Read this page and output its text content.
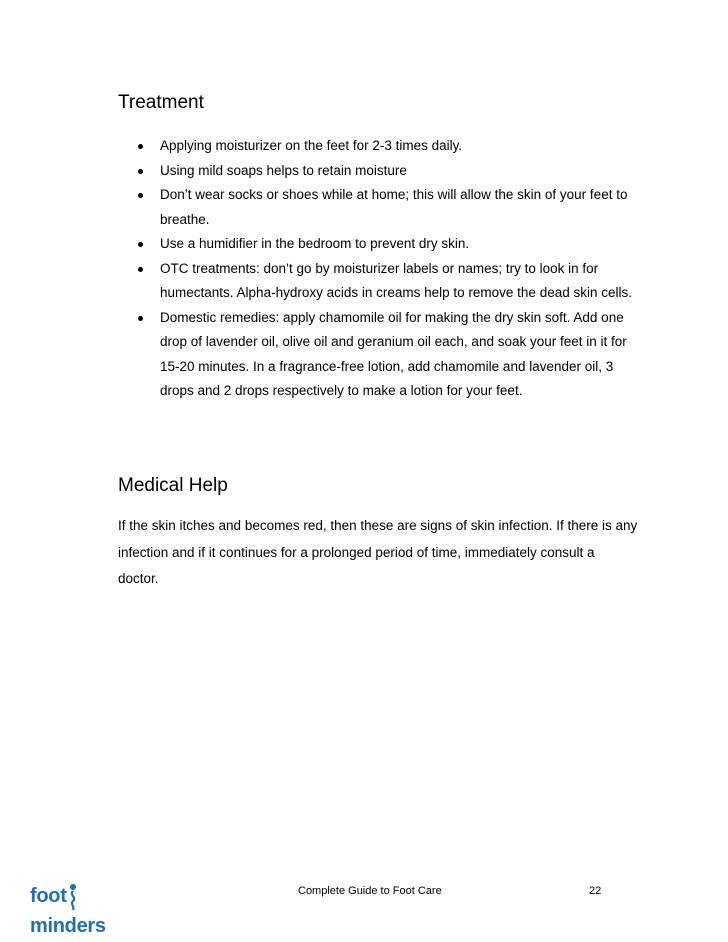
Treatment
Applying moisturizer on the feet for 2-3 times daily.
Using mild soaps helps to retain moisture
Don’t wear socks or shoes while at home; this will allow the skin of your feet to breathe.
Use a humidifier in the bedroom to prevent dry skin.
OTC treatments: don’t go by moisturizer labels or names; try to look in for humectants. Alpha-hydroxy acids in creams help to remove the dead skin cells.
Domestic remedies: apply chamomile oil for making the dry skin soft. Add one drop of lavender oil, olive oil and geranium oil each, and soak your feet in it for 15-20 minutes. In a fragrance-free lotion, add chamomile and lavender oil, 3 drops and 2 drops respectively to make a lotion for your feet.
Medical Help

If the skin itches and becomes red, then these are signs of skin infection. If there is any infection and if it continues for a prolonged period of time, immediately consult a doctor.

footminders
Complete Guide to Foot Care	22
